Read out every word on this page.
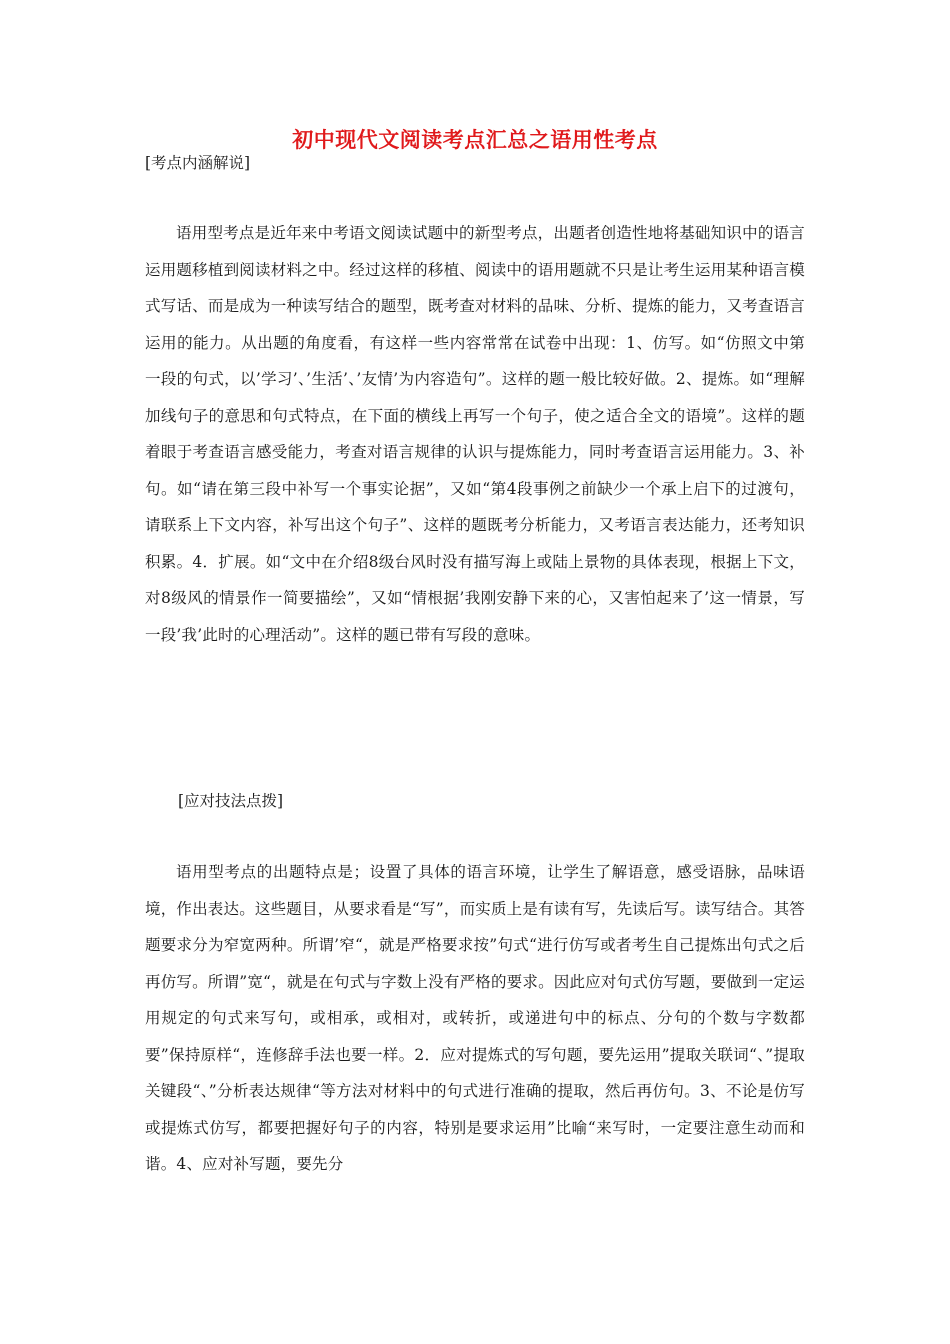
初中现代文阅读考点汇总之语用性考点

[考点内涵解说]

语用型考点是近年来中考语文阅读试题中的新型考点，出题者创造性地将基础知识中的语言运用题移植到阅读材料之中。经过这样的移植、阅读中的语用题就不只是让考生运用某种语言模式写话、而是成为一种读写结合的题型，既考查对材料的品味、分析、提炼的能力，又考查语言运用的能力。从出题的角度看，有这样一些内容常常在试卷中出现：1、仿写。如“仿照文中第一段的句式，以’学习’、’生活’、’友情’为内容造句”。这样的题一般比较好做。2、提炼。如“理解加线句子的意思和句式特点，在下面的横线上再写一个句子，使之适合全文的语境”。这样的题着眼于考查语言感受能力，考查对语言规律的认识与提炼能力，同时考查语言运用能力。3、补句。如“请在第三段中补写一个事实论据”，又如“第4段事例之前缺少一个承上启下的过渡句，请联系上下文内容，补写出这个句子”、这样的题既考分析能力，又考语言表达能力，还考知识积累。4．扩展。如“文中在介绍8级台风时没有描写海上或陆上景物的具体表现，根据上下文，对8级风的情景作一简要描绘”，又如“情根据’我刚安静下来的心，又害怕起来了’这一情景，写一段’我’此时的心理活动”。这样的题已带有写段的意味。

[应对技法点拨]

语用型考点的出题特点是；设置了具体的语言环境，让学生了解语意，感受语脉，品味语境，作出表达。这些题目，从要求看是“写”，而实质上是有读有写，先读后写。读写结合。其答题要求分为窄宽两种。所谓’窄“，就是严格要求按”句式“进行仿写或者考生自己提炼出句式之后再仿写。所谓”宽“，就是在句式与字数上没有严格的要求。因此应对句式仿写题，要做到一定运用规定的句式来写句，或相承，或相对，或转折，或递进句中的标点、分句的个数与字数都要”保持原样“，连修辞手法也要一样。2．应对提炼式的写句题，要先运用”提取关联词“、”提取关键段“、”分析表达规律“等方法对材料中的句式进行准确的提取，然后再仿句。3、不论是仿写或提炼式仿写，都要把握好句子的内容，特别是要求运用”比喻“来写时，一定要注意生动而和谐。4、应对补写题，要先分
